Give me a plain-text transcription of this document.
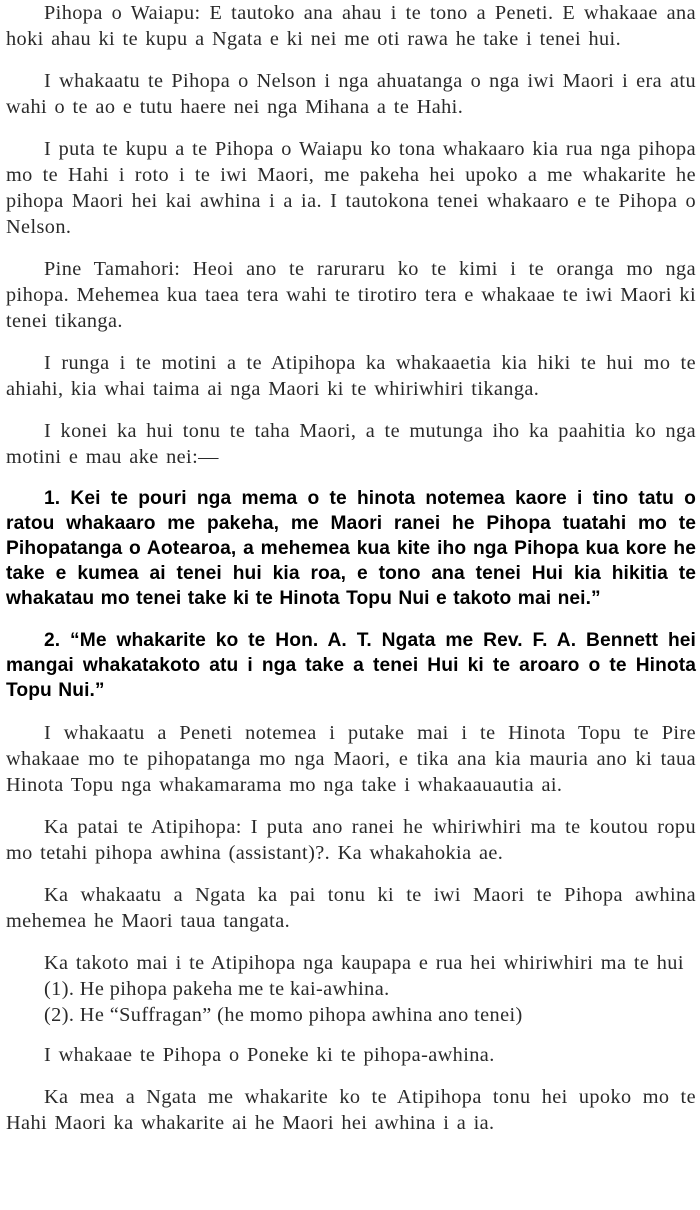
Pihopa o Waiapu: E tautoko ana ahau i te tono a Peneti. E whakaae ana hoki ahau ki te kupu a Ngata e ki nei me oti rawa he take i tenei hui.

I whakaatu te Pihopa o Nelson i nga ahuatanga o nga iwi Maori i era atu wahi o te ao e tutu haere nei nga Mihana a te Hahi.

I puta te kupu a te Pihopa o Waiapu ko tona whakaaro kia rua nga pihopa mo te Hahi i roto i te iwi Maori, me pakeha hei upoko a me whakarite he pihopa Maori hei kai awhina i a ia. I tautokona tenei whakaaro e te Pihopa o Nelson.

Pine Tamahori: Heoi ano te raruraru ko te kimi i te oranga mo nga pihopa. Mehemea kua taea tera wahi te tirotiro tera e whakaae te iwi Maori ki tenei tikanga.

I runga i te motini a te Atipihopa ka whakaaetia kia hiki te hui mo te ahiahi, kia whai taima ai nga Maori ki te whiriwhiri tikanga.

I konei ka hui tonu te taha Maori, a te mutunga iho ka paahitia ko nga motini e mau ake nei:—

1. Kei te pouri nga mema o te hinota notemea kaore i tino tatu o ratou whakaaro me pakeha, me Maori ranei he Pihopa tuatahi mo te Pihopatanga o Aotearoa, a mehemea kua kite iho nga Pihopa kua kore he take e kumea ai tenei hui kia roa, e tono ana tenei Hui kia hikitia te whakatau mo tenei take ki te Hinota Topu Nui e takoto mai nei.”

2. “Me whakarite ko te Hon. A. T. Ngata me Rev. F. A. Bennett hei mangai whakatakoto atu i nga take a tenei Hui ki te aroaro o te Hinota Topu Nui.”

I whakaatu a Peneti notemea i putake mai i te Hinota Topu te Pire whakaae mo te pihopatanga mo nga Maori, e tika ana kia mauria ano ki taua Hinota Topu nga whakamarama mo nga take i whakaauautia ai.

Ka patai te Atipihopa: I puta ano ranei he whiriwhiri ma te koutou ropu mo tetahi pihopa awhina (assistant)?. Ka whakahokia ae.

Ka whakaatu a Ngata ka pai tonu ki te iwi Maori te Pihopa awhina mehemea he Maori taua tangata.

Ka takoto mai i te Atipihopa nga kaupapa e rua hei whiriwhiri ma te hui

(1). He pihopa pakeha me te kai-awhina.

(2). He “Suffragan” (he momo pihopa awhina ano tenei)

I whakaae te Pihopa o Poneke ki te pihopa-awhina.

Ka mea a Ngata me whakarite ko te Atipihopa tonu hei upoko mo te Hahi Maori ka whakarite ai he Maori hei awhina i a ia.
